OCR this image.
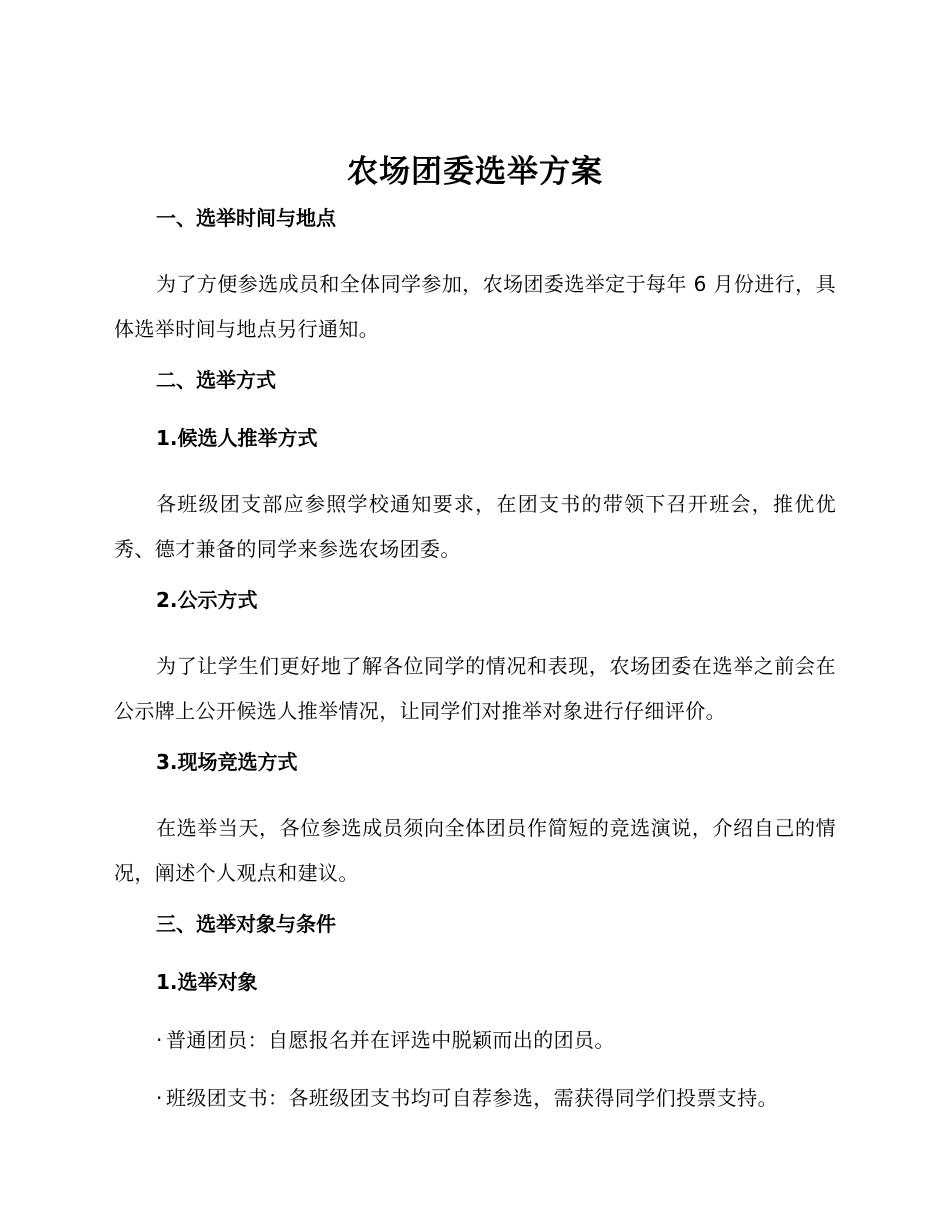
农场团委选举方案
一、选举时间与地点
为了方便参选成员和全体同学参加，农场团委选举定于每年 6 月份进行，具体选举时间与地点另行通知。
二、选举方式
1.候选人推举方式
各班级团支部应参照学校通知要求，在团支书的带领下召开班会，推优优秀、德才兼备的同学来参选农场团委。
2.公示方式
为了让学生们更好地了解各位同学的情况和表现，农场团委在选举之前会在公示牌上公开候选人推举情况，让同学们对推举对象进行仔细评价。
3.现场竞选方式
在选举当天，各位参选成员须向全体团员作简短的竞选演说，介绍自己的情况，阐述个人观点和建议。
三、选举对象与条件
1.选举对象
· 普通团员：自愿报名并在评选中脱颖而出的团员。
· 班级团支书：各班级团支书均可自荐参选，需获得同学们投票支持。
